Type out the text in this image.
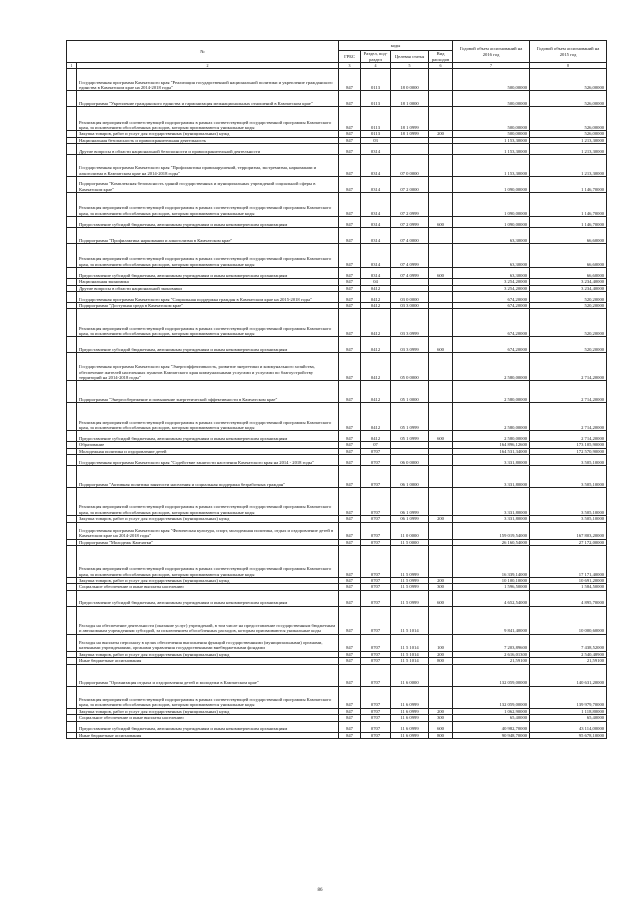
№		коды				Годовой объем ассигнований на 2016 год	Годовой объем ассигнований на 2015 год
		ГРБС	Раздел, под-раздел	Целевая статья	Вид расходов		
1	2	3	4	5	6	7	8
	Государственная программа Камчатского края "Реализация государственной национальной политики и укрепление гражданского единства в Камчатском крае на 2014-2018 годы"	847	0113	18 0 0000		500,00000	526,00000
	Подпрограмма "Укрепление гражданского единства и гармонизация межнациональных отношений в Камчатском крае"	847	0113	18 1 0000		500,00000	526,00000
	Реализация мероприятий соответствующей подпрограммы в рамках соответствующей государственной программы Камчатского края, за исключением обособленных расходов, которым присваиваются уникальные коды	847	0113	18 1 0999		500,00000	526,00000
	Закупка товаров, работ и услуг для государственных (муниципальных) нужд	847	0113	18 1 0999	200	500,00000	526,00000
	Национальная безопасность и правоохранительная деятельность	847	03			1 153,30000	1 213,30000
	Другие вопросы в области национальной безопасности и правоохранительной деятельности	847	0314			1 153,30000	1 213,30000
	Государственная программа Камчатского края "Профилактика правонарушений, терроризма, экстремизма, наркомании и алкоголизма в Камчатском крае на 2014-2018 годы"	847	0314	07 0 0000		1 153,30000	1 213,30000
	Подпрограмма "Комплексная безопасность зданий государственных и муниципальных учреждений социальной сферы в Камчатском крае"	847	0314	07 2 0000		1 090,00000	1 146,70000
	Реализация мероприятий соответствующей подпрограммы в рамках соответствующей государственной программы Камчатского края, за исключением обособленных расходов, которым присваиваются уникальные коды	847	0314	07 2 0999		1 090,00000	1 146,70000
	Предоставление субсидий бюджетным, автономным учреждениям и иным некоммерческим организациям	847	0314	07 2 0999	600	1 090,00000	1 146,70000
	Подпрограмма "Профилактика наркомании и алкоголизма в Камчатском крае"	847	0314	07 4 0000		63,30000	66,60000
	Реализация мероприятий соответствующей подпрограммы в рамках соответствующей государственной программы Камчатского края, за исключением обособленных расходов, которым присваиваются уникальные коды	847	0314	07 4 0999		63,30000	66,60000
	Предоставление субсидий бюджетным, автономным учреждениям и иным некоммерческим организациям	847	0314	07 4 0999	600	63,30000	66,60000
	Национальная экономика	847	04			3 254,20000	3 234,40000
	Другие вопросы в области национальной экономики	847	0412			3 254,20000	3 234,40000
	Государственная программа Камчатского края "Социальная поддержка граждан в Камчатском крае на 2015-2018 годы"	847	0412	03 0 0000		674,20000	520,20000
	Подпрограмма "Доступная среда в Камчатском крае"	847	0412	03 3 0000		674,20000	520,20000
	Реализация мероприятий соответствующей подпрограммы в рамках соответствующей государственной программы Камчатского края, за исключением обособленных расходов, которым присваиваются уникальные коды	847	0412	03 3 0999		674,20000	520,20000
	Предоставление субсидий бюджетным, автономным учреждениям и иным некоммерческим организациям	847	0412	03 3 0999	600	674,20000	520,20000
	Государственная программа Камчатского края "Энергоэффективность, развитие энергетики и коммунального хозяйства, обеспечение жителей населенных пунктов Камчатского края коммунальными услугами и услугами по благоустройству территорий на 2014-2018 годы"	847	0412	05 0 0000		2 580,00000	2 714,20000
	Подпрограмма "Энергосбережение и повышение энергетической эффективности в Камчатском крае"	847	0412	05 1 0000		2 580,00000	2 714,20000
	Реализация мероприятий соответствующей подпрограммы в рамках соответствующей государственной программы Камчатского края, за исключением обособленных расходов, которым присваиваются уникальные коды	847	0412	05 1 0999		2 580,00000	2 714,20000
	Предоставление субсидий бюджетным, автономным учреждениям и иным некоммерческим организациям	847	0412	05 1 0999	600	2 580,00000	2 714,20000
	Образование	847	07			164 896,12600	173 105,90000
	Молодежная политика и оздоровление детей	847	0707			164 531,34000	172 570,90000
	Государственная программа Камчатского края "Содействие занятости населения Камчатского края на 2014 - 2018 годы"	847	0707	06 0 0000		3 331,80000	3 505,10000
	Подпрограмма "Активная политика занятости населения и социальная поддержка безработных граждан"	847	0707	06 1 0000		3 331,80000	3 505,10000
	Реализация мероприятий соответствующей подпрограммы в рамках соответствующей государственной программы Камчатского края, за исключением обособленных расходов, которым присваиваются уникальные коды	847	0707	06 1 0999		3 331,80000	3 505,10000
	Закупка товаров, работ и услуг для государственных (муниципальных) нужд	847	0707	06 1 0999	200	3 331,80000	3 505,10000
	Государственная программа Камчатского края "Физическая культура, спорт, молодежная политика, отдых и оздоровление детей в Камчатском крае на 2014-2018 годы"	847	0707	11 0 0000		159 019,54000	167 803,20000
	Подпрограмма "Молодежь Камчатки"	847	0707	11 5 0000		26 160,54000	27 172,00000
	Реализация мероприятий соответствующей подпрограммы в рамках соответствующей государственной программы Камчатского края, за исключением обособленных расходов, которым присваиваются уникальные коды	847	0707	11 5 0999		16 339,14000	17 171,40000
	Закупка товаров, работ и услуг для государственных (муниципальных) нужд	847	0707	11 5 0999	200	10 100,10000	10 691,20000
	Социальное обеспечение и иные выплаты населению	847	0707	11 5 0999	300	1 596,50000	1 584,50000
	Предоставление субсидий бюджетным, автономным учреждениям и иным некоммерческим организациям	847	0707	11 5 0999	600	4 652,54000	4 895,70000
	Расходы на обеспечение деятельности (оказание услуг) учреждений, в том числе на предоставление государственным бюджетным и автономным учреждениям субсидий, за исключением обособленных расходов, которым присваиваются уникальные коды	847	0707	11 5 1014		9 841,40000	10 000,60000
	Расходы на выплаты персоналу в целях обеспечения выполнения функций государственными (муниципальными) органами, казенными учреждениями, органами управления государственными внебюджетными фондами	847	0707	11 5 1014	100	7 203,89600	7 438,52000
	Закупка товаров, работ и услуг для государственных (муниципальных) нужд	847	0707	11 5 1014	200	2 616,01300	2 540,48900
	Иные бюджетные ассигнования	847	0707	11 5 1014	800	21,59100	21,59100
	Подпрограмма "Организация отдыха и оздоровления детей и молодежи в Камчатском крае"	847	0707	11 6 0000		132 059,00000	140 631,20000
	Реализация мероприятий соответствующей подпрограммы в рамках соответствующей государственной программы Камчатского края, за исключением обособленных расходов, которым присваиваются уникальные коды	847	0707	11 6 0999		132 059,00000	139 979,70000
	Закупка товаров, работ и услуг для государственных (муниципальных) нужд	847	0707	11 6 0999	200	1 062,90000	1 118,80000
	Социальное обеспечение и иные выплаты населению	847	0707	11 6 0999	300	65,40000	65,40000
	Предоставление субсидий бюджетным, автономным учреждениям и иным некоммерческим организациям	847	0707	11 6 0999	600	40 982,70000	43 114,00000
	Иные бюджетные ассигнования	847	0707	11 6 0999	800	90 948,70000	95 678,10000
86
